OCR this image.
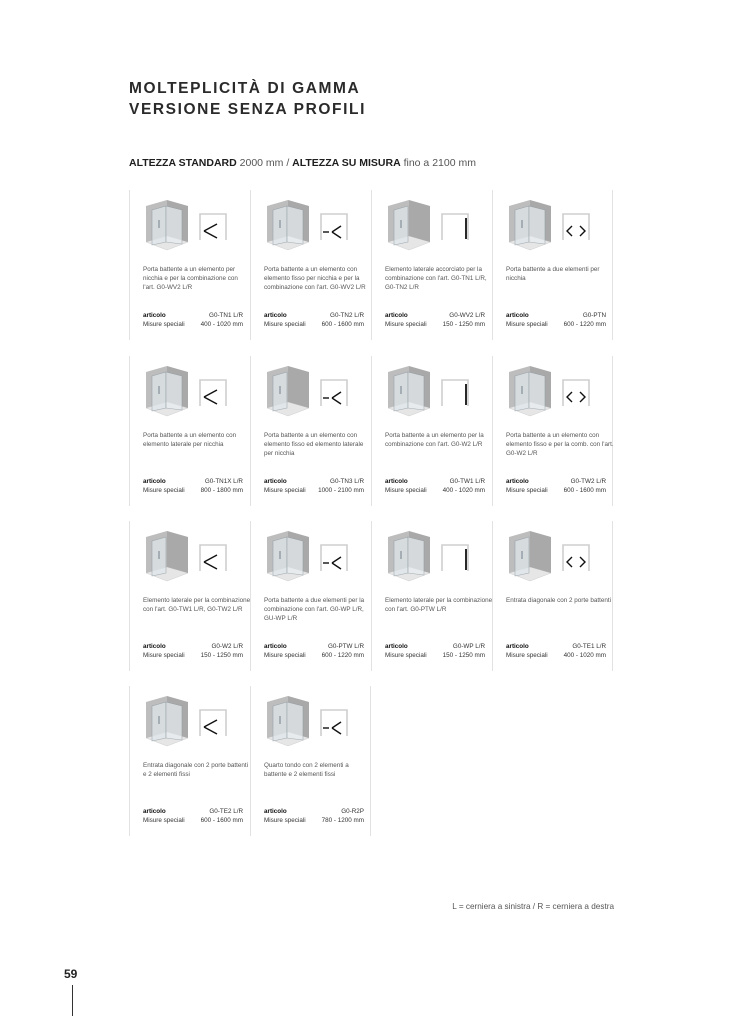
MOLTEPLICITÀ DI GAMMA
VERSIONE SENZA PROFILI
ALTEZZA STANDARD 2000 mm / ALTEZZA SU MISURA fino a 2100 mm
Porta battente a un elemento per nicchia e per la combinazione con l'art. G0-WV2 L/R
articolo	G0-TN1 L/R
Misure speciali	400 - 1020 mm
Porta battente a un elemento con elemento fisso per nicchia e per la combinazione con l'art. G0-WV2 L/R
articolo	G0-TN2 L/R
Misure speciali	600 - 1600 mm
Elemento laterale accorciato per la combinazione con l'art. G0-TN1 L/R, G0-TN2 L/R
articolo	G0-WV2 L/R
Misure speciali	150 - 1250 mm
Porta battente a due elementi per nicchia
articolo	G0-PTN
Misure speciali	600 - 1220 mm
Porta battente a un elemento con elemento laterale per nicchia
articolo	G0-TN1X L/R
Misure speciali	800 - 1800 mm
Porta battente a un elemento con elemento fisso ed elemento laterale per nicchia
articolo	G0-TN3 L/R
Misure speciali 1000 - 2100 mm
Porta battente a un elemento per la combinazione con l'art. G0-W2 L/R
articolo	G0-TW1 L/R
Misure speciali	400 - 1020 mm
Porta battente a un elemento con elemento fisso e per la comb. con l'art. G0-W2 L/R
articolo	G0-TW2 L/R
Misure speciali	600 - 1600 mm
Elemento laterale per la combinazione con l'art. G0-TW1 L/R, G0-TW2 L/R
articolo	G0-W2 L/R
Misure speciali	150 - 1250 mm
Porta battente a due elementi per la combinazione con l'art. G0-WP L/R, GU-WP L/R
articolo	G0-PTW L/R
Misure speciali	600 - 1220 mm
Elemento laterale per la combinazione con l'art. G0-PTW L/R
articolo	G0-WP L/R
Misure speciali	150 - 1250 mm
Entrata diagonale con 2 porte battenti
articolo	G0-TE1 L/R
Misure speciali	400 - 1020 mm
Entrata diagonale con 2 porte battenti e 2 elementi fissi
articolo	G0-TE2 L/R
Misure speciali	600 - 1600 mm
Quarto tondo con 2 elementi a battente e 2 elementi fissi
articolo	G0-R2P
Misure speciali	780 - 1200 mm
L = cerniera a sinistra / R = cerniera a destra
59
